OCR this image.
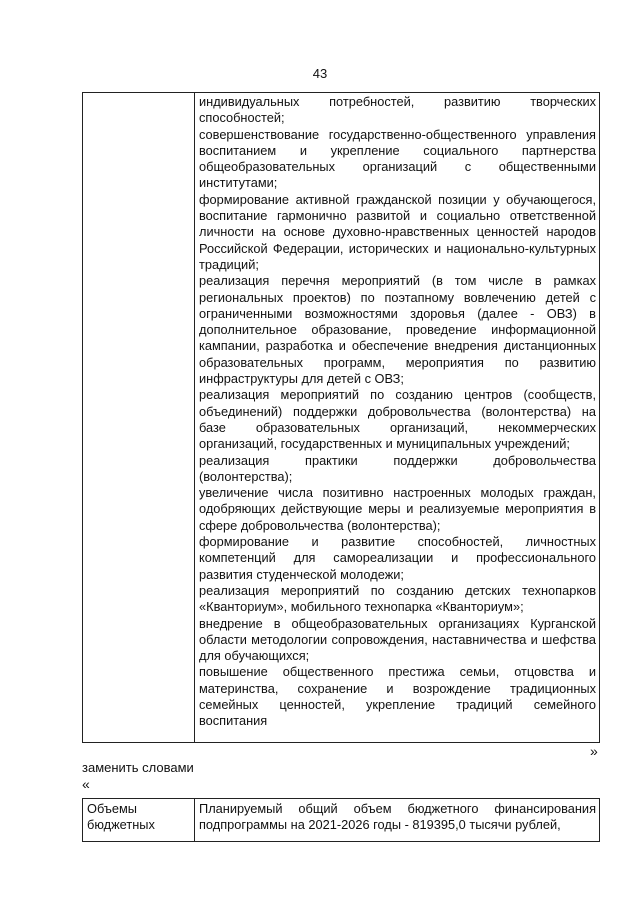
43

индивидуальных потребностей, развитию творческих способностей;
совершенствование государственно-общественного управления воспитанием и укрепление социального партнерства общеобразовательных организаций с общественными институтами;
формирование активной гражданской позиции у обучающегося, воспитание гармонично развитой и социально ответственной личности на основе духовно-нравственных ценностей народов Российской Федерации, исторических и национально-культурных традиций;
реализация перечня мероприятий (в том числе в рамках региональных проектов) по поэтапному вовлечению детей с ограниченными возможностями здоровья (далее - ОВЗ) в дополнительное образование, проведение информационной кампании, разработка и обеспечение внедрения дистанционных образовательных программ, мероприятия по развитию инфраструктуры для детей с ОВЗ;
реализация мероприятий по созданию центров (сообществ, объединений) поддержки добровольчества (волонтерства) на базе образовательных организаций, некоммерческих организаций, государственных и муниципальных учреждений;
реализация практики поддержки добровольчества (волонтерства);
увеличение числа позитивно настроенных молодых граждан, одобряющих действующие меры и реализуемые мероприятия в сфере добровольчества (волонтерства);
формирование и развитие способностей, личностных компетенций для самореализации и профессионального развития студенческой молодежи;
реализация мероприятий по созданию детских технопарков «Кванториум», мобильного технопарка «Кванториум»;
внедрение в общеобразовательных организациях Курганской области методологии сопровождения, наставничества и шефства для обучающихся;
повышение общественного престижа семьи, отцовства и материнства, сохранение и возрождение традиционных семейных ценностей, укрепление традиций семейного воспитания
»
заменить словами
«
Объемы бюджетных	Планируемый общий объем бюджетного финансирования подпрограммы на 2021-2026 годы - 819395,0 тысячи рублей,
